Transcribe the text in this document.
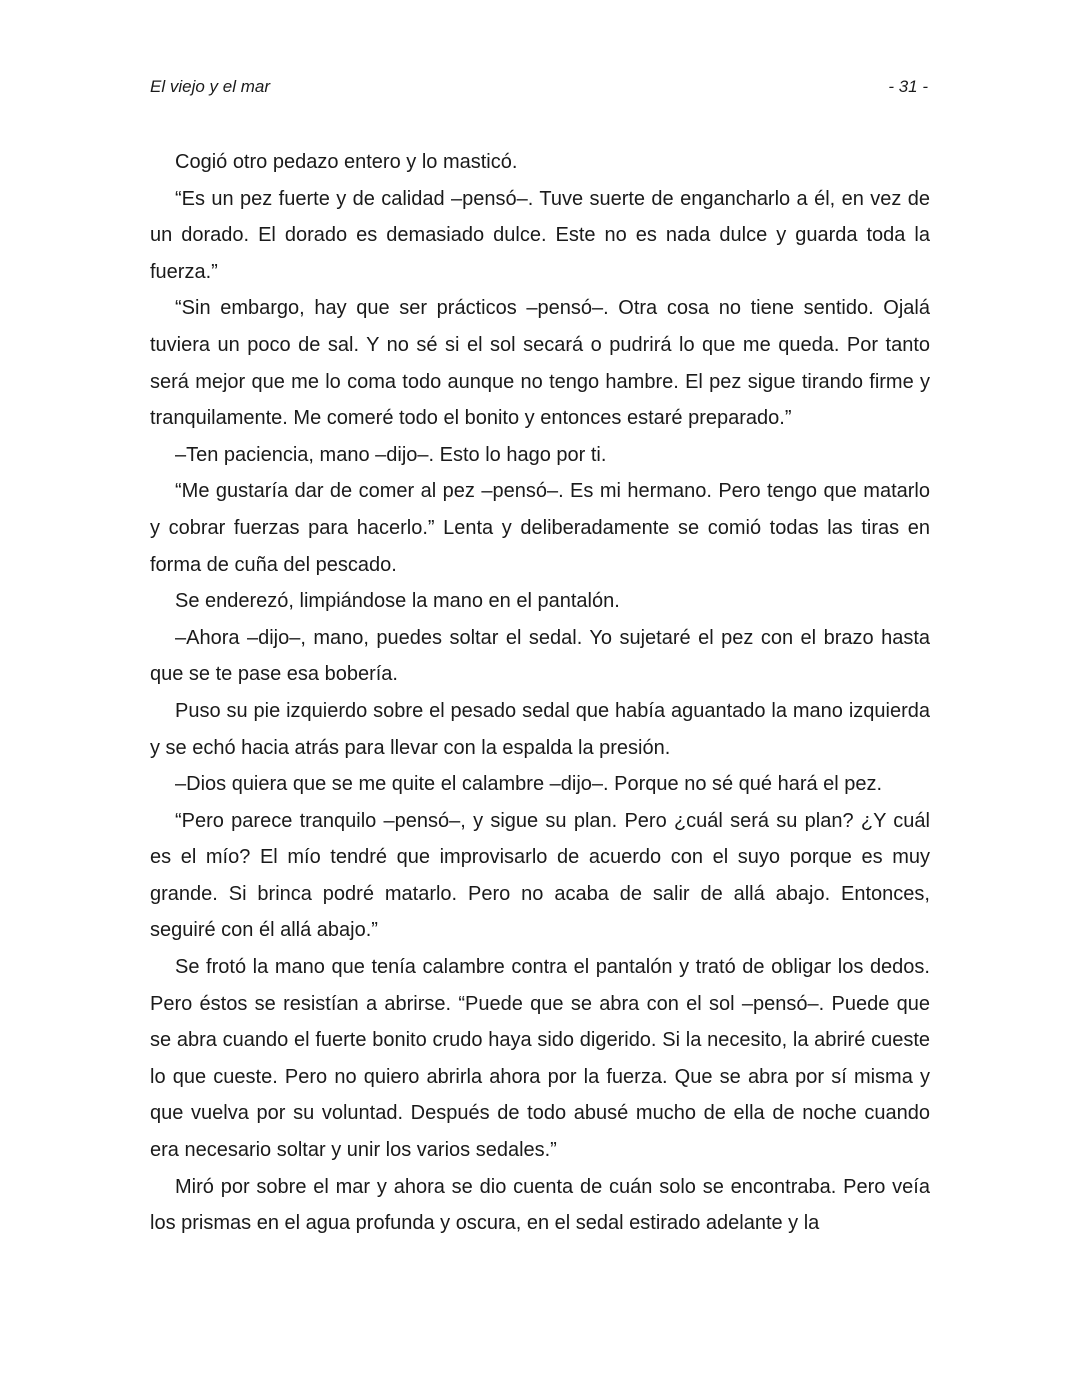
El viejo y el mar	- 31 -

Cogió otro pedazo entero y lo masticó.

“Es un pez fuerte y de calidad –pensó–. Tuve suerte de engancharlo a él, en vez de un dorado. El dorado es demasiado dulce. Este no es nada dulce y guarda toda la fuerza.”

“Sin embargo, hay que ser prácticos –pensó–. Otra cosa no tiene sentido. Ojalá tuviera un poco de sal. Y no sé si el sol secará o pudrirá lo que me queda. Por tanto será mejor que me lo coma todo aunque no tengo hambre. El pez sigue tirando firme y tranquilamente. Me comeré todo el bonito y entonces estaré preparado.”

–Ten paciencia, mano –dijo–. Esto lo hago por ti.

“Me gustaría dar de comer al pez –pensó–. Es mi hermano. Pero tengo que matarlo y cobrar fuerzas para hacerlo.” Lenta y deliberadamente se comió todas las tiras en forma de cuña del pescado.

Se enderezó, limpiándose la mano en el pantalón.

–Ahora –dijo–, mano, puedes soltar el sedal. Yo sujetaré el pez con el brazo hasta que se te pase esa bobería.

Puso su pie izquierdo sobre el pesado sedal que había aguantado la mano izquierda y se echó hacia atrás para llevar con la espalda la presión.

–Dios quiera que se me quite el calambre –dijo–. Porque no sé qué hará el pez.

“Pero parece tranquilo –pensó–, y sigue su plan. Pero ¿cuál será su plan? ¿Y cuál es el mío? El mío tendré que improvisarlo de acuerdo con el suyo porque es muy grande. Si brinca podré matarlo. Pero no acaba de salir de allá abajo. Entonces, seguiré con él allá abajo.”

Se frotó la mano que tenía calambre contra el pantalón y trató de obligar los dedos. Pero éstos se resistían a abrirse. “Puede que se abra con el sol –pensó–. Puede que se abra cuando el fuerte bonito crudo haya sido digerido. Si la necesito, la abriré cueste lo que cueste. Pero no quiero abrirla ahora por la fuerza. Que se abra por sí misma y que vuelva por su voluntad. Después de todo abusé mucho de ella de noche cuando era necesario soltar y unir los varios sedales.”

Miró por sobre el mar y ahora se dio cuenta de cuán solo se encontraba. Pero veía los prismas en el agua profunda y oscura, en el sedal estirado adelante y la
